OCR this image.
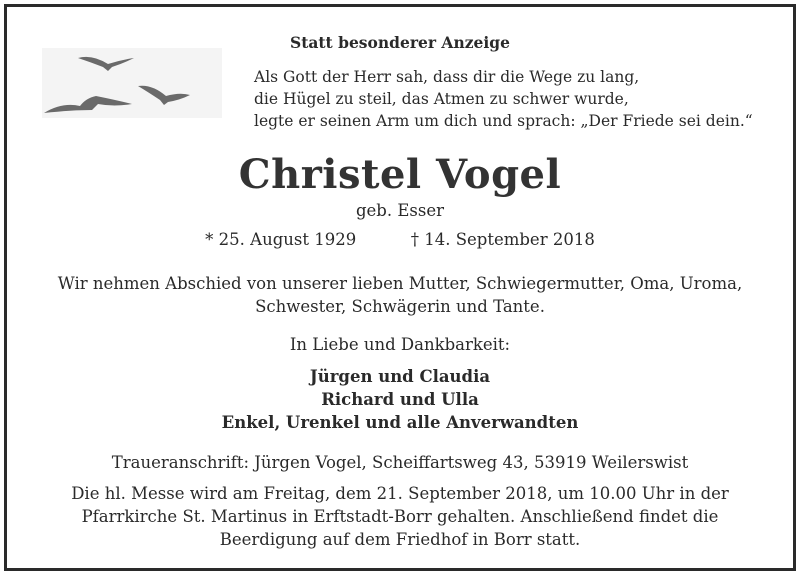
Statt besonderer Anzeige
Als Gott der Herr sah, dass dir die Wege zu lang,
die Hügel zu steil, das Atmen zu schwer wurde,
legte er seinen Arm um dich und sprach: „Der Friede sei dein.“
Christel Vogel
geb. Esser
* 25. August 1929	† 14. September 2018
Wir nehmen Abschied von unserer lieben Mutter, Schwiegermutter, Oma, Uroma,
Schwester, Schwägerin und Tante.
In Liebe und Dankbarkeit:
Jürgen und Claudia
Richard und Ulla
Enkel, Urenkel und alle Anverwandten
Traueranschrift: Jürgen Vogel, Scheiffartsweg 43, 53919 Weilerswist
Die hl. Messe wird am Freitag, dem 21. September 2018, um 10.00 Uhr in der
Pfarrkirche St. Martinus in Erftstadt-Borr gehalten. Anschließend findet die
Beerdigung auf dem Friedhof in Borr statt.
